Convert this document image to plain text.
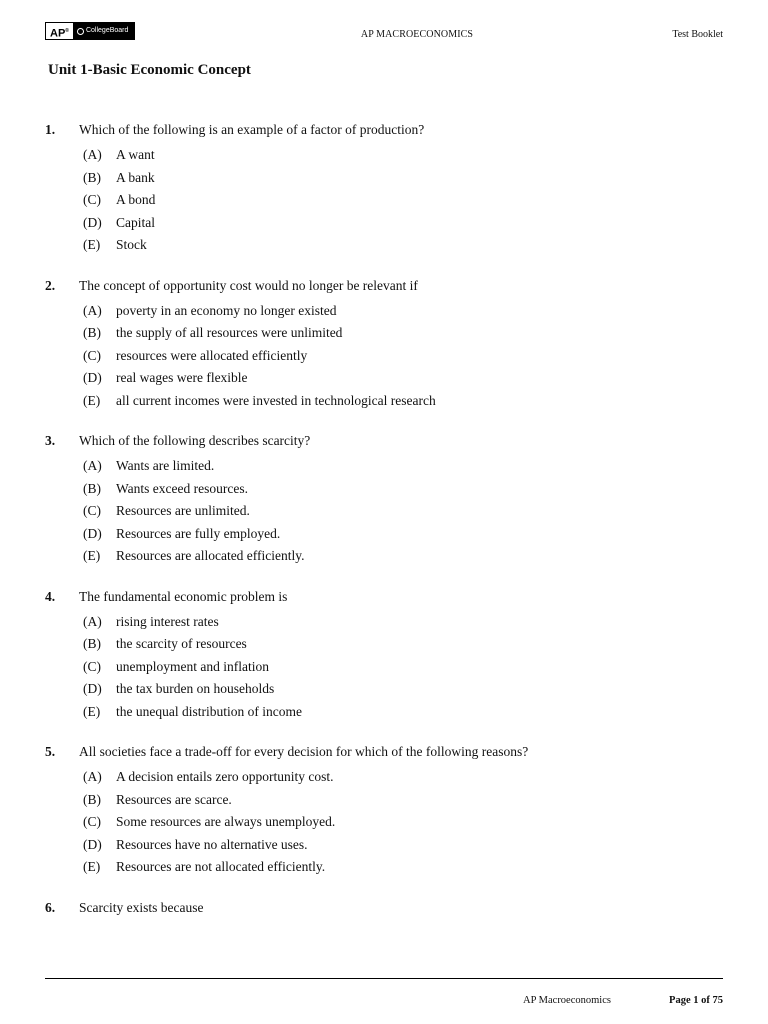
AP®	CollegeBoard	AP MACROECONOMICS	Test Booklet
Unit 1-Basic Economic Concept
1.	Which of the following is an example of a factor of production?
(A)	A want
(B)	A bank
(C)	A bond
(D)	Capital
(E)	Stock
2.	The concept of opportunity cost would no longer be relevant if
(A)	poverty in an economy no longer existed
(B)	the supply of all resources were unlimited
(C)	resources were allocated efficiently
(D)	real wages were flexible
(E)	all current incomes were invested in technological research
3.	Which of the following describes scarcity?
(A)	Wants are limited.
(B)	Wants exceed resources.
(C)	Resources are unlimited.
(D)	Resources are fully employed.
(E)	Resources are allocated efficiently.
4.	The fundamental economic problem is
(A)	rising interest rates
(B)	the scarcity of resources
(C)	unemployment and inflation
(D)	the tax burden on households
(E)	the unequal distribution of income
5.	All societies face a trade-off for every decision for which of the following reasons?
(A)	A decision entails zero opportunity cost.
(B)	Resources are scarce.
(C)	Some resources are always unemployed.
(D)	Resources have no alternative uses.
(E)	Resources are not allocated efficiently.
6.	Scarcity exists because
AP Macroeconomics	Page 1 of 75
